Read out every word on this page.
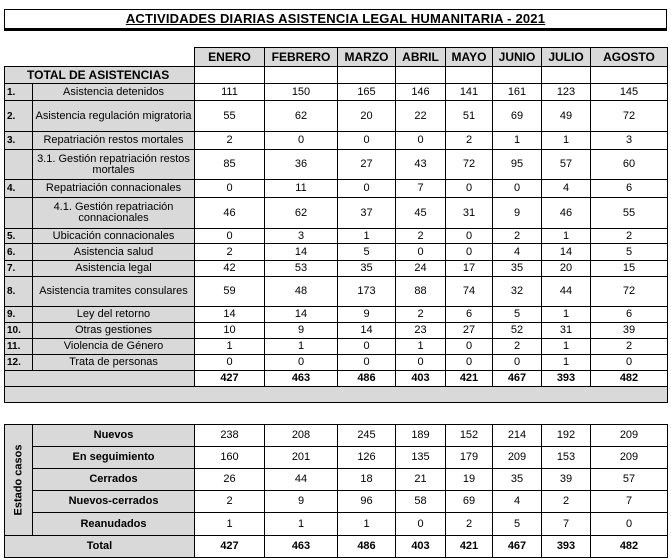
ACTIVIDADES DIARIAS ASISTENCIA LEGAL HUMANITARIA - 2021
		ENERO	FEBRERO	MARZO	ABRIL	MAYO	JUNIO	JULIO	AGOSTO
TOTAL DE ASISTENCIAS									
1.	Asistencia detenidos	111	150	165	146	141	161	123	145
2.	Asistencia regulación migratoria	55	62	20	22	51	69	49	72
3.	Repatriación restos mortales	2	0	0	0	2	1	1	3
	3.1. Gestión repatriación restos mortales	85	36	27	43	72	95	57	60
4.	Repatriación connacionales	0	11	0	7	0	0	4	6
	4.1. Gestión repatriación connacionales	46	62	37	45	31	9	46	55
5.	Ubicación connacionales	0	3	1	2	0	2	1	2
6.	Asistencia salud	2	14	5	0	0	4	14	5
7.	Asistencia legal	42	53	35	24	17	35	20	15
8.	Asistencia tramites consulares	59	48	173	88	74	32	44	72
9.	Ley del retorno	14	14	9	2	6	5	1	6
10.	Otras gestiones	10	9	14	23	27	52	31	39
11.	Violencia de Género	1	1	0	1	0	2	1	2
12.	Trata de personas	0	0	0	0	0	0	1	0
		427	463	486	403	421	467	393	482

Estado casos	Nuevos	238	208	245	189	152	214	192	209
	En seguimiento	160	201	126	135	179	209	153	209
	Cerrados	26	44	18	21	19	35	39	57
	Nuevos-cerrados	2	9	96	58	69	4	2	7
	Reanudados	1	1	1	0	2	5	7	0
Total		427	463	486	403	421	467	393	482
